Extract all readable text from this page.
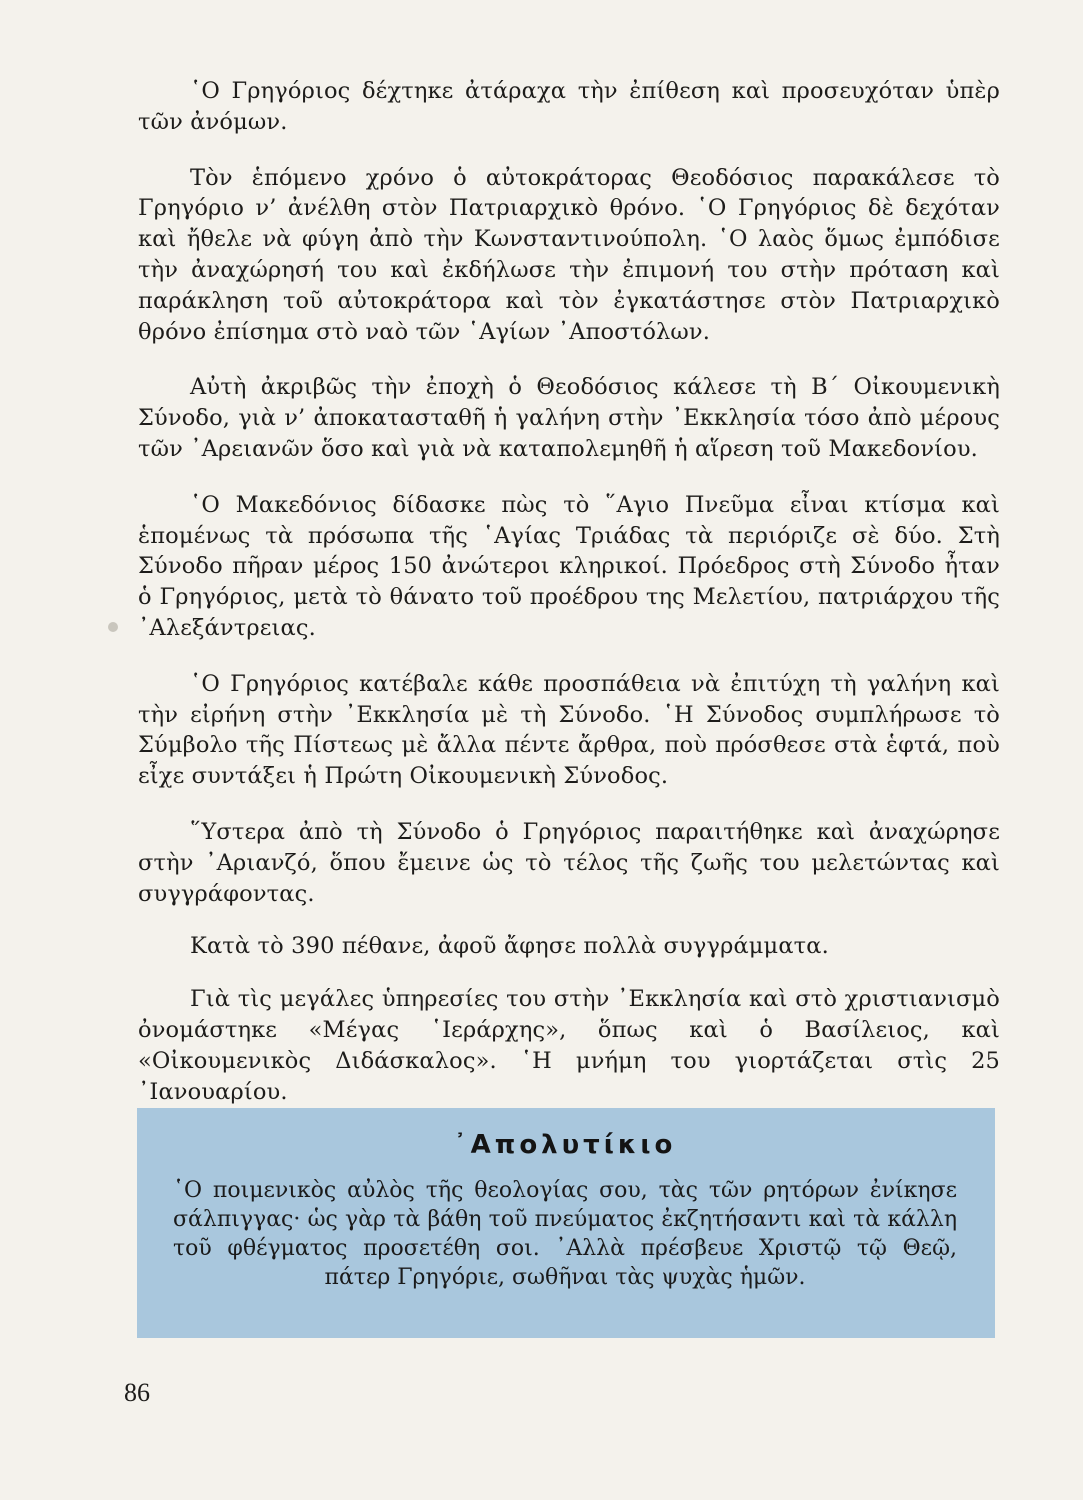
῾Ο Γρηγόριος δέχτηκε ἀτάραχα τὴν ἐπίθεση καὶ προσευχόταν ὑπὲρ τῶν ἀνόμων.

Τὸν ἑπόμενο χρόνο ὁ αὐτοκράτορας Θεοδόσιος παρακάλεσε τὸ Γρηγόριο ν’ ἀνέλθη στὸν Πατριαρχικὸ θρόνο. ῾Ο Γρηγόριος δὲ δεχόταν καὶ ἤθελε νὰ φύγη ἀπὸ τὴν Κωνσταντινούπολη. ῾Ο λαὸς ὅμως ἐμπόδισε τὴν ἀναχώρησή του καὶ ἐκδήλωσε τὴν ἐπιμονή του στὴν πρόταση καὶ παράκληση τοῦ αὐτοκράτορα καὶ τὸν ἐγκατάστησε στὸν Πατριαρχικὸ θρόνο ἐπίσημα στὸ ναὸ τῶν ῾Αγίων ᾿Αποστόλων.

Αὐτὴ ἀκριβῶς τὴν ἐποχὴ ὁ Θεοδόσιος κάλεσε τὴ Β΄ Οἰκουμενικὴ Σύνοδο, γιὰ ν’ ἀποκατασταθῆ ἡ γαλήνη στὴν ᾿Εκκλησία τόσο ἀπὸ μέρους τῶν ᾿Αρειανῶν ὅσο καὶ γιὰ νὰ καταπολεμηθῆ ἡ αἵρεση τοῦ Μακεδονίου.

῾Ο Μακεδόνιος δίδασκε πὼς τὸ ῞Αγιο Πνεῦμα εἶναι κτίσμα καὶ ἑπομένως τὰ πρόσωπα τῆς ῾Αγίας Τριάδας τὰ περιόριζε σὲ δύο. Στὴ Σύνοδο πῆραν μέρος 150 ἀνώτεροι κληρικοί. Πρόεδρος στὴ Σύνοδο ἦταν ὁ Γρηγόριος, μετὰ τὸ θάνατο τοῦ προέδρου της Μελετίου, πατριάρχου τῆς ᾿Αλεξάντρειας.

῾Ο Γρηγόριος κατέβαλε κάθε προσπάθεια νὰ ἐπιτύχη τὴ γαλήνη καὶ τὴν εἰρήνη στὴν ᾿Εκκλησία μὲ τὴ Σύνοδο. ῾Η Σύνοδος συμπλήρωσε τὸ Σύμβολο τῆς Πίστεως μὲ ἄλλα πέντε ἄρθρα, ποὺ πρόσθεσε στὰ ἑφτά, ποὺ εἶχε συντάξει ἡ Πρώτη Οἰκουμενικὴ Σύνοδος.

῞Υστερα ἀπὸ τὴ Σύνοδο ὁ Γρηγόριος παραιτήθηκε καὶ ἀναχώρησε στὴν ᾿Αριανζό, ὅπου ἔμεινε ὡς τὸ τέλος τῆς ζωῆς του μελετώντας καὶ συγγράφοντας.

Κατὰ τὸ 390 πέθανε, ἀφοῦ ἄφησε πολλὰ συγγράμματα.

Γιὰ τὶς μεγάλες ὑπηρεσίες του στὴν ᾿Εκκλησία καὶ στὸ χριστιανισμὸ ὀνομάστηκε «Μέγας ῾Ιεράρχης», ὅπως καὶ ὁ Βασίλειος, καὶ «Οἰκουμενικὸς Διδάσκαλος». ῾Η μνήμη του γιορτάζεται στὶς 25 ᾿Ιανουαρίου.

᾿Απολυτίκιο

῾Ο ποιμενικὸς αὐλὸς τῆς θεολογίας σου, τὰς τῶν ρητόρων ἐνίκησε σάλπιγγας· ὡς γὰρ τὰ βάθη τοῦ πνεύματος ἐκζητήσαντι καὶ τὰ κάλλη τοῦ φθέγματος προσετέθη σοι. ᾿Αλλὰ πρέσβευε Χριστῷ τῷ Θεῷ, πάτερ Γρηγόριε, σωθῆναι τὰς ψυχὰς ἡμῶν.

86
